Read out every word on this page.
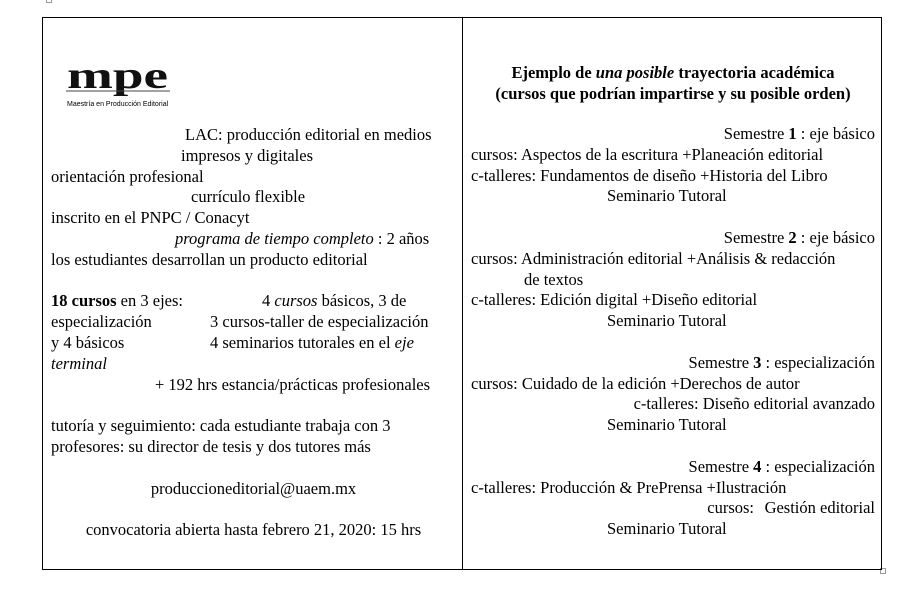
mpe
Maestría en Producción Editorial
LAC: producción editorial en medios
impresos y digitales
orientación profesional
currículo flexible
inscrito en el PNPC / Conacyt
programa de tiempo completo : 2 años
los estudiantes desarrollan un producto editorial
18 cursos en 3 ejes:	4 cursos básicos, 3 de
especialización	3 cursos-taller de especialización
y 4 básicos	4 seminarios tutorales en el eje
terminal
+ 192 hrs estancia/prácticas profesionales
tutoría y seguimiento: cada estudiante trabaja con 3
profesores: su director de tesis y dos tutores más
produccioneditorial@uaem.mx
convocatoria abierta hasta febrero 21, 2020: 15 hrs
Ejemplo de una posible trayectoria académica
(cursos que podrían impartirse y su posible orden)
Semestre 1 : eje básico
cursos: Aspectos de la escritura +Planeación editorial
c-talleres: Fundamentos de diseño +Historia del Libro
Seminario Tutoral
Semestre 2 : eje básico
cursos: Administración editorial +Análisis & redacción
de textos
c-talleres: Edición digital +Diseño editorial
Seminario Tutoral
Semestre 3 : especialización
cursos: Cuidado de la edición +Derechos de autor
c-talleres: Diseño editorial avanzado
Seminario Tutoral
Semestre 4 : especialización
c-talleres: Producción & PrePrensa +Ilustración
cursos: Gestión editorial
Seminario Tutoral
